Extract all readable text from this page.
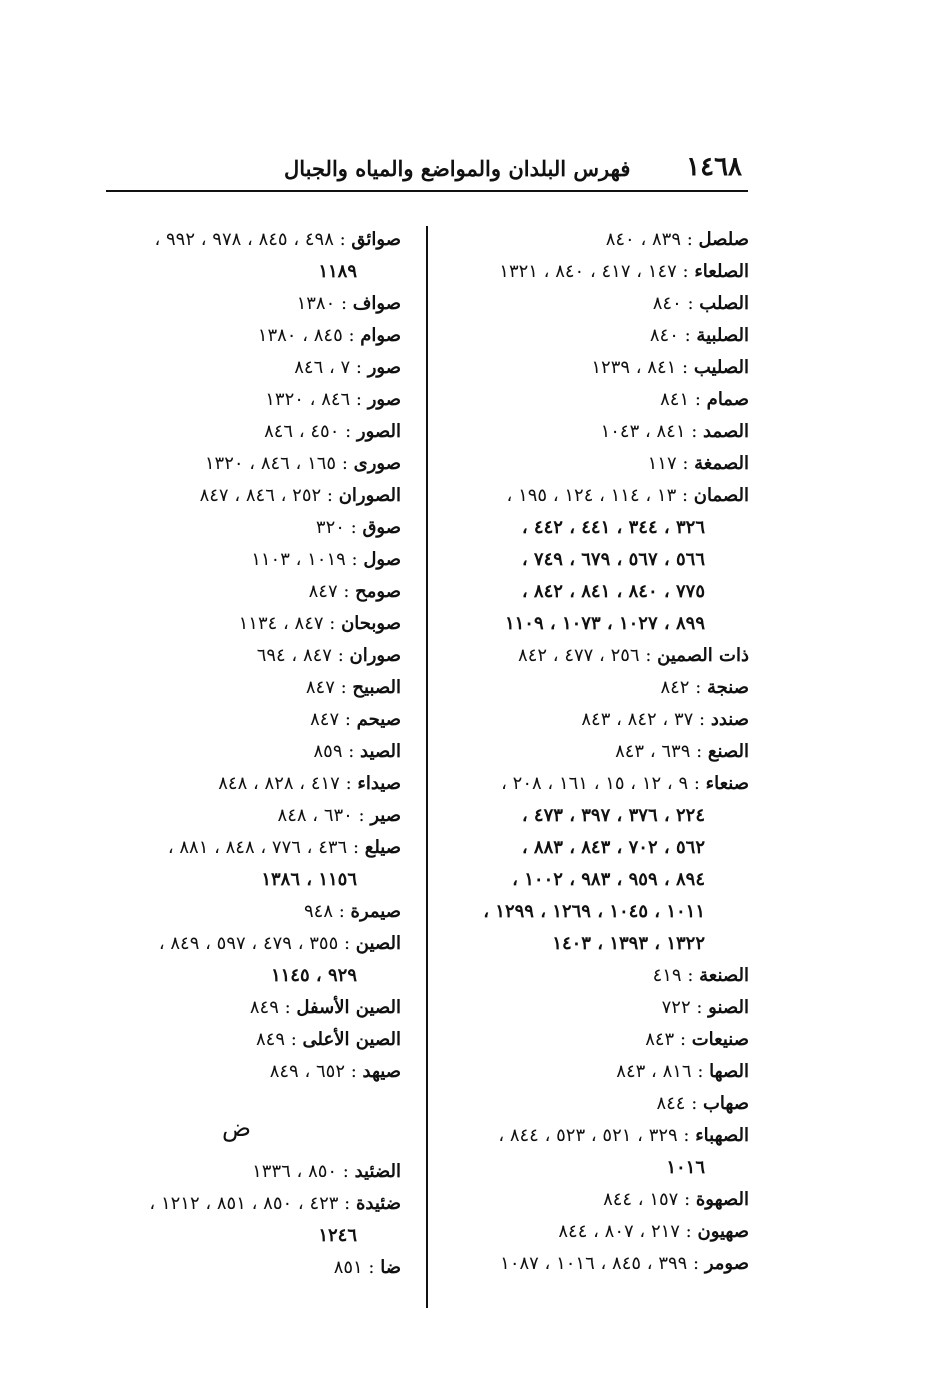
١٤٦٨
فهرس البلدان والمواضع والمياه والجبال
صلصل : ٨٣٩ ، ٨٤٠
الصلعاء : ١٤٧ ، ٤١٧ ، ٨٤٠ ، ١٣٢١
الصلب : ٨٤٠
الصلبية : ٨٤٠
الصليب : ٨٤١ ، ١٢٣٩
صمام : ٨٤١
الصمد : ٨٤١ ، ١٠٤٣
الصمغة : ١١٧
الصمان : ١٣ ، ١١٤ ، ١٢٤ ، ١٩٥ ،
٣٢٦ ، ٣٤٤ ، ٤٤١ ، ٤٤٢ ،
٥٦٦ ، ٥٦٧ ، ٦٧٩ ، ٧٤٩ ،
٧٧٥ ، ٨٤٠ ، ٨٤١ ، ٨٤٢ ،
٨٩٩ ، ١٠٢٧ ، ١٠٧٣ ، ١١٠٩
ذات الصمين : ٢٥٦ ، ٤٧٧ ، ٨٤٢
صنجة : ٨٤٢
صندد : ٣٧ ، ٨٤٢ ، ٨٤٣
الصنع : ٦٣٩ ، ٨٤٣
صنعاء : ٩ ، ١٢ ، ١٥ ، ١٦١ ، ٢٠٨ ،
٢٢٤ ، ٣٧٦ ، ٣٩٧ ، ٤٧٣ ،
٥٦٢ ، ٧٠٢ ، ٨٤٣ ، ٨٨٣ ،
٨٩٤ ، ٩٥٩ ، ٩٨٣ ، ١٠٠٢ ،
١٠١١ ، ١٠٤٥ ، ١٢٦٩ ، ١٢٩٩ ،
١٣٢٢ ، ١٣٩٣ ، ١٤٠٣
الصنعة : ٤١٩
الصنو : ٧٢٢
صنيعات : ٨٤٣
الصها : ٨١٦ ، ٨٤٣
صهاب : ٨٤٤
الصهباء : ٣٢٩ ، ٥٢١ ، ٥٢٣ ، ٨٤٤ ،
١٠١٦
الصهوة : ١٥٧ ، ٨٤٤
صهيون : ٢١٧ ، ٨٠٧ ، ٨٤٤
صومر : ٣٩٩ ، ٨٤٥ ، ١٠١٦ ، ١٠٨٧
صوائق : ٤٩٨ ، ٨٤٥ ، ٩٧٨ ، ٩٩٢ ،
١١٨٩
صواف : ١٣٨٠
صوام : ٨٤٥ ، ١٣٨٠
صور : ٧ ، ٨٤٦
صور : ٨٤٦ ، ١٣٢٠
الصور : ٤٥٠ ، ٨٤٦
صورى : ١٦٥ ، ٨٤٦ ، ١٣٢٠
الصوران : ٢٥٢ ، ٨٤٦ ، ٨٤٧
صوق : ٣٢٠
صول : ١٠١٩ ، ١١٠٣
صومح : ٨٤٧
صوبحان : ٨٤٧ ، ١١٣٤
صوران : ٨٤٧ ، ٦٩٤
الصبيح : ٨٤٧
صيحم : ٨٤٧
الصيد : ٨٥٩
صيداء : ٤١٧ ، ٨٢٨ ، ٨٤٨
صير : ٦٣٠ ، ٨٤٨
صيلع : ٤٣٦ ، ٧٧٦ ، ٨٤٨ ، ٨٨١ ،
١١٥٦ ، ١٣٨٦
صيمرة : ٩٤٨
الصين : ٣٥٥ ، ٤٧٩ ، ٥٩٧ ، ٨٤٩ ،
٩٢٩ ، ١١٤٥
الصين الأسفل : ٨٤٩
الصين الأعلى : ٨٤٩
صيهد : ٦٥٢ ، ٨٤٩
ض
الضئيد : ٨٥٠ ، ١٣٣٦
ضئيدة : ٤٢٣ ، ٨٥٠ ، ٨٥١ ، ١٢١٢ ،
١٢٤٦
ضا : ٨٥١
